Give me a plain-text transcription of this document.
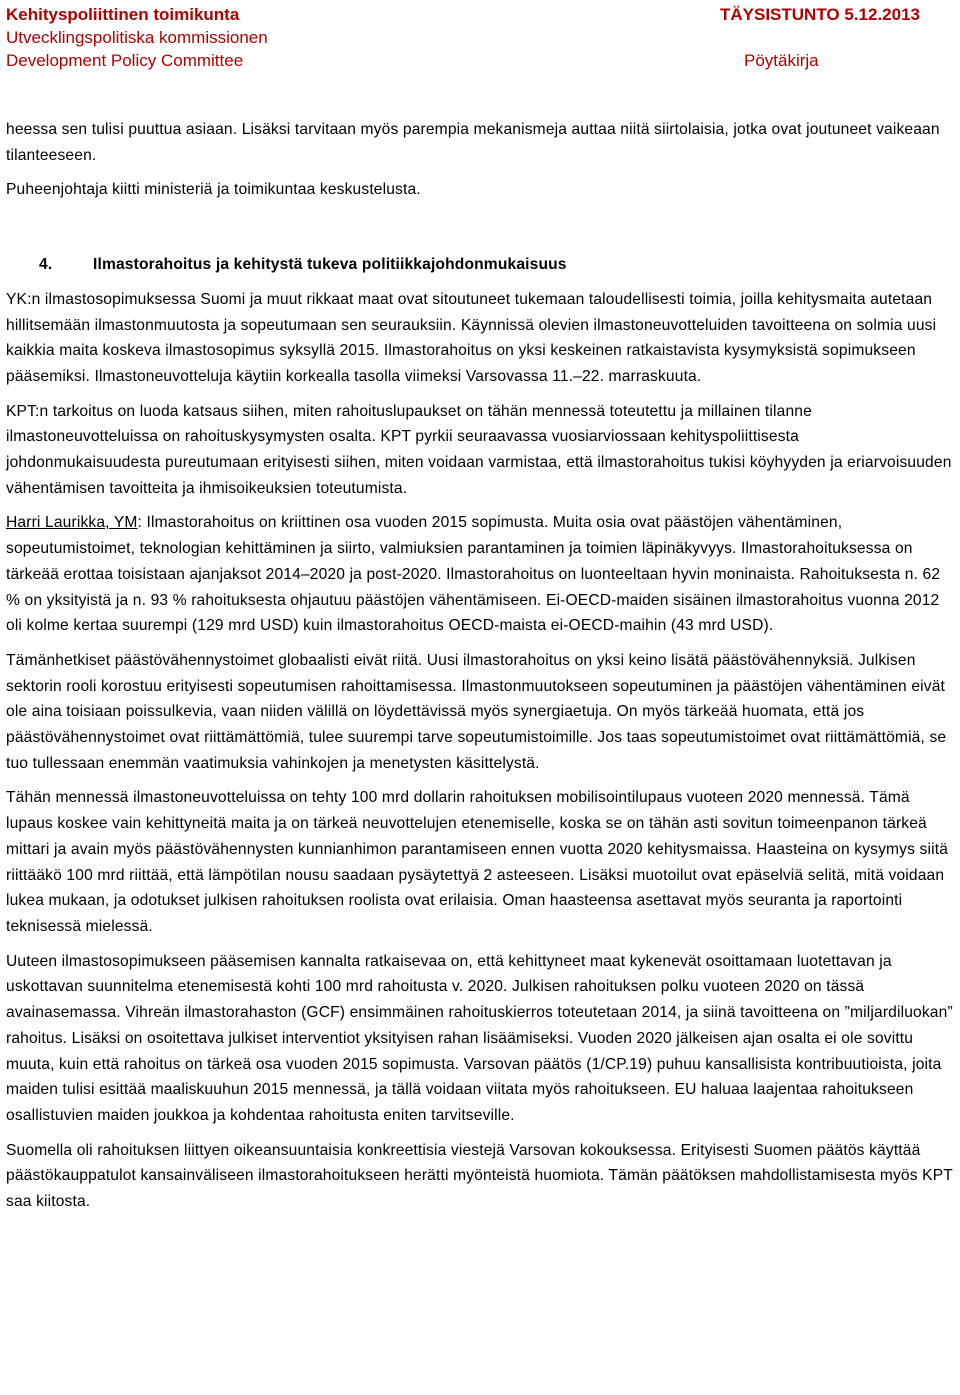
Kehityspoliittinen toimikunta
Utvecklingspolitiska kommissionen
Development Policy Committee
TÄYSISTUNTO 5.12.2013
Pöytäkirja

heessa sen tulisi puuttua asiaan. Lisäksi tarvitaan myös parempia mekanismeja auttaa niitä siirtolaisia, jotka ovat joutuneet vaikeaan tilanteeseen.

Puheenjohtaja kiitti ministeriä ja toimikuntaa keskustelusta.

4.	Ilmastorahoitus ja kehitystä tukeva politiikkajohdonmukaisuus

YK:n ilmastosopimuksessa Suomi ja muut rikkaat maat ovat sitoutuneet tukemaan taloudellisesti toimia, joilla kehitysmaita autetaan hillitsemään ilmastonmuutosta ja sopeutumaan sen seurauksiin. Käynnissä olevien ilmastoneuvotteluiden tavoitteena on solmia uusi kaikkia maita koskeva ilmastosopimus syksyllä 2015. Ilmastorahoitus on yksi keskeinen ratkaistavista kysymyksistä sopimukseen pääsemiksi. Ilmastoneuvotteluja käytiin korkealla tasolla viimeksi Varsovassa 11.–22. marraskuuta.

KPT:n tarkoitus on luoda katsaus siihen, miten rahoituslupaukset on tähän mennessä toteutettu ja millainen tilanne ilmastoneuvotteluissa on rahoituskysymysten osalta. KPT pyrkii seuraavassa vuosiarviossaan kehityspoliittisesta johdonmukaisuudesta pureutumaan erityisesti siihen, miten voidaan varmistaa, että ilmastorahoitus tukisi köyhyyden ja eriarvoisuuden vähentämisen tavoitteita ja ihmisoikeuksien toteutumista.

Harri Laurikka, YM: Ilmastorahoitus on kriittinen osa vuoden 2015 sopimusta. Muita osia ovat päästöjen vähentäminen, sopeutumistoimet, teknologian kehittäminen ja siirto, valmiuksien parantaminen ja toimien läpinäkyvyys. Ilmastorahoituksessa on tärkeää erottaa toisistaan ajanjaksot 2014–2020 ja post-2020. Ilmastorahoitus on luonteeltaan hyvin moninaista. Rahoituksesta n. 62 % on yksityistä ja n. 93 % rahoituksesta ohjautuu päästöjen vähentämiseen. Ei-OECD-maiden sisäinen ilmastorahoitus vuonna 2012 oli kolme kertaa suurempi (129 mrd USD) kuin ilmastorahoitus OECD-maista ei-OECD-maihin (43 mrd USD).

Tämänhetkiset päästövähennystoimet globaalisti eivät riitä. Uusi ilmastorahoitus on yksi keino lisätä päästövähennyksiä. Julkisen sektorin rooli korostuu erityisesti sopeutumisen rahoittamisessa. Ilmastonmuutokseen sopeutuminen ja päästöjen vähentäminen eivät ole aina toisiaan poissulkevia, vaan niiden välillä on löydettävissä myös synergiaetuja. On myös tärkeää huomata, että jos päästövähennystoimet ovat riittämättömiä, tulee suurempi tarve sopeutumistoimille. Jos taas sopeutumistoimet ovat riittämättömiä, se tuo tullessaan enemmän vaatimuksia vahinkojen ja menetysten käsittelystä.

Tähän mennessä ilmastoneuvotteluissa on tehty 100 mrd dollarin rahoituksen mobilisointilupaus vuoteen 2020 mennessä. Tämä lupaus koskee vain kehittyneitä maita ja on tärkeä neuvottelujen etenemiselle, koska se on tähän asti sovitun toimeenpanon tärkeä mittari ja avain myös päästövähennysten kunnianhimon parantamiseen ennen vuotta 2020 kehitysmaissa. Haasteina on kysymys siitä riittääkö 100 mrd riittää, että lämpötilan nousu saadaan pysäytettyä 2 asteeseen. Lisäksi muotoilut ovat epäselviä selitä, mitä voidaan lukea mukaan, ja odotukset julkisen rahoituksen roolista ovat erilaisia. Oman haasteensa asettavat myös seuranta ja raportointi teknisessä mielessä.

Uuteen ilmastosopimukseen pääsemisen kannalta ratkaisevaa on, että kehittyneet maat kykenevät osoittamaan luotettavan ja uskottavan suunnitelma etenemisestä kohti 100 mrd rahoitusta v. 2020. Julkisen rahoituksen polku vuoteen 2020 on tässä avainasemassa. Vihreän ilmastorahaston (GCF) ensimmäinen rahoituskierros toteutetaan 2014, ja siinä tavoitteena on ”miljardiluokan” rahoitus. Lisäksi on osoitettava julkiset interventiot yksityisen rahan lisäämiseksi. Vuoden 2020 jälkeisen ajan osalta ei ole sovittu muuta, kuin että rahoitus on tärkeä osa vuoden 2015 sopimusta. Varsovan päätös (1/CP.19) puhuu kansallisista kontribuutioista, joita maiden tulisi esittää maaliskuuhun 2015 mennessä, ja tällä voidaan viitata myös rahoitukseen. EU haluaa laajentaa rahoitukseen osallistuvien maiden joukkoa ja kohdentaa rahoitusta eniten tarvitseville.

Suomella oli rahoituksen liittyen oikeansuuntaisia konkreettisia viestejä Varsovan kokouksessa. Erityisesti Suomen päätös käyttää päästökauppatulot kansainväliseen ilmastorahoitukseen herätti myönteistä huomiota. Tämän päätöksen mahdollistamisesta myös KPT saa kiitosta.
